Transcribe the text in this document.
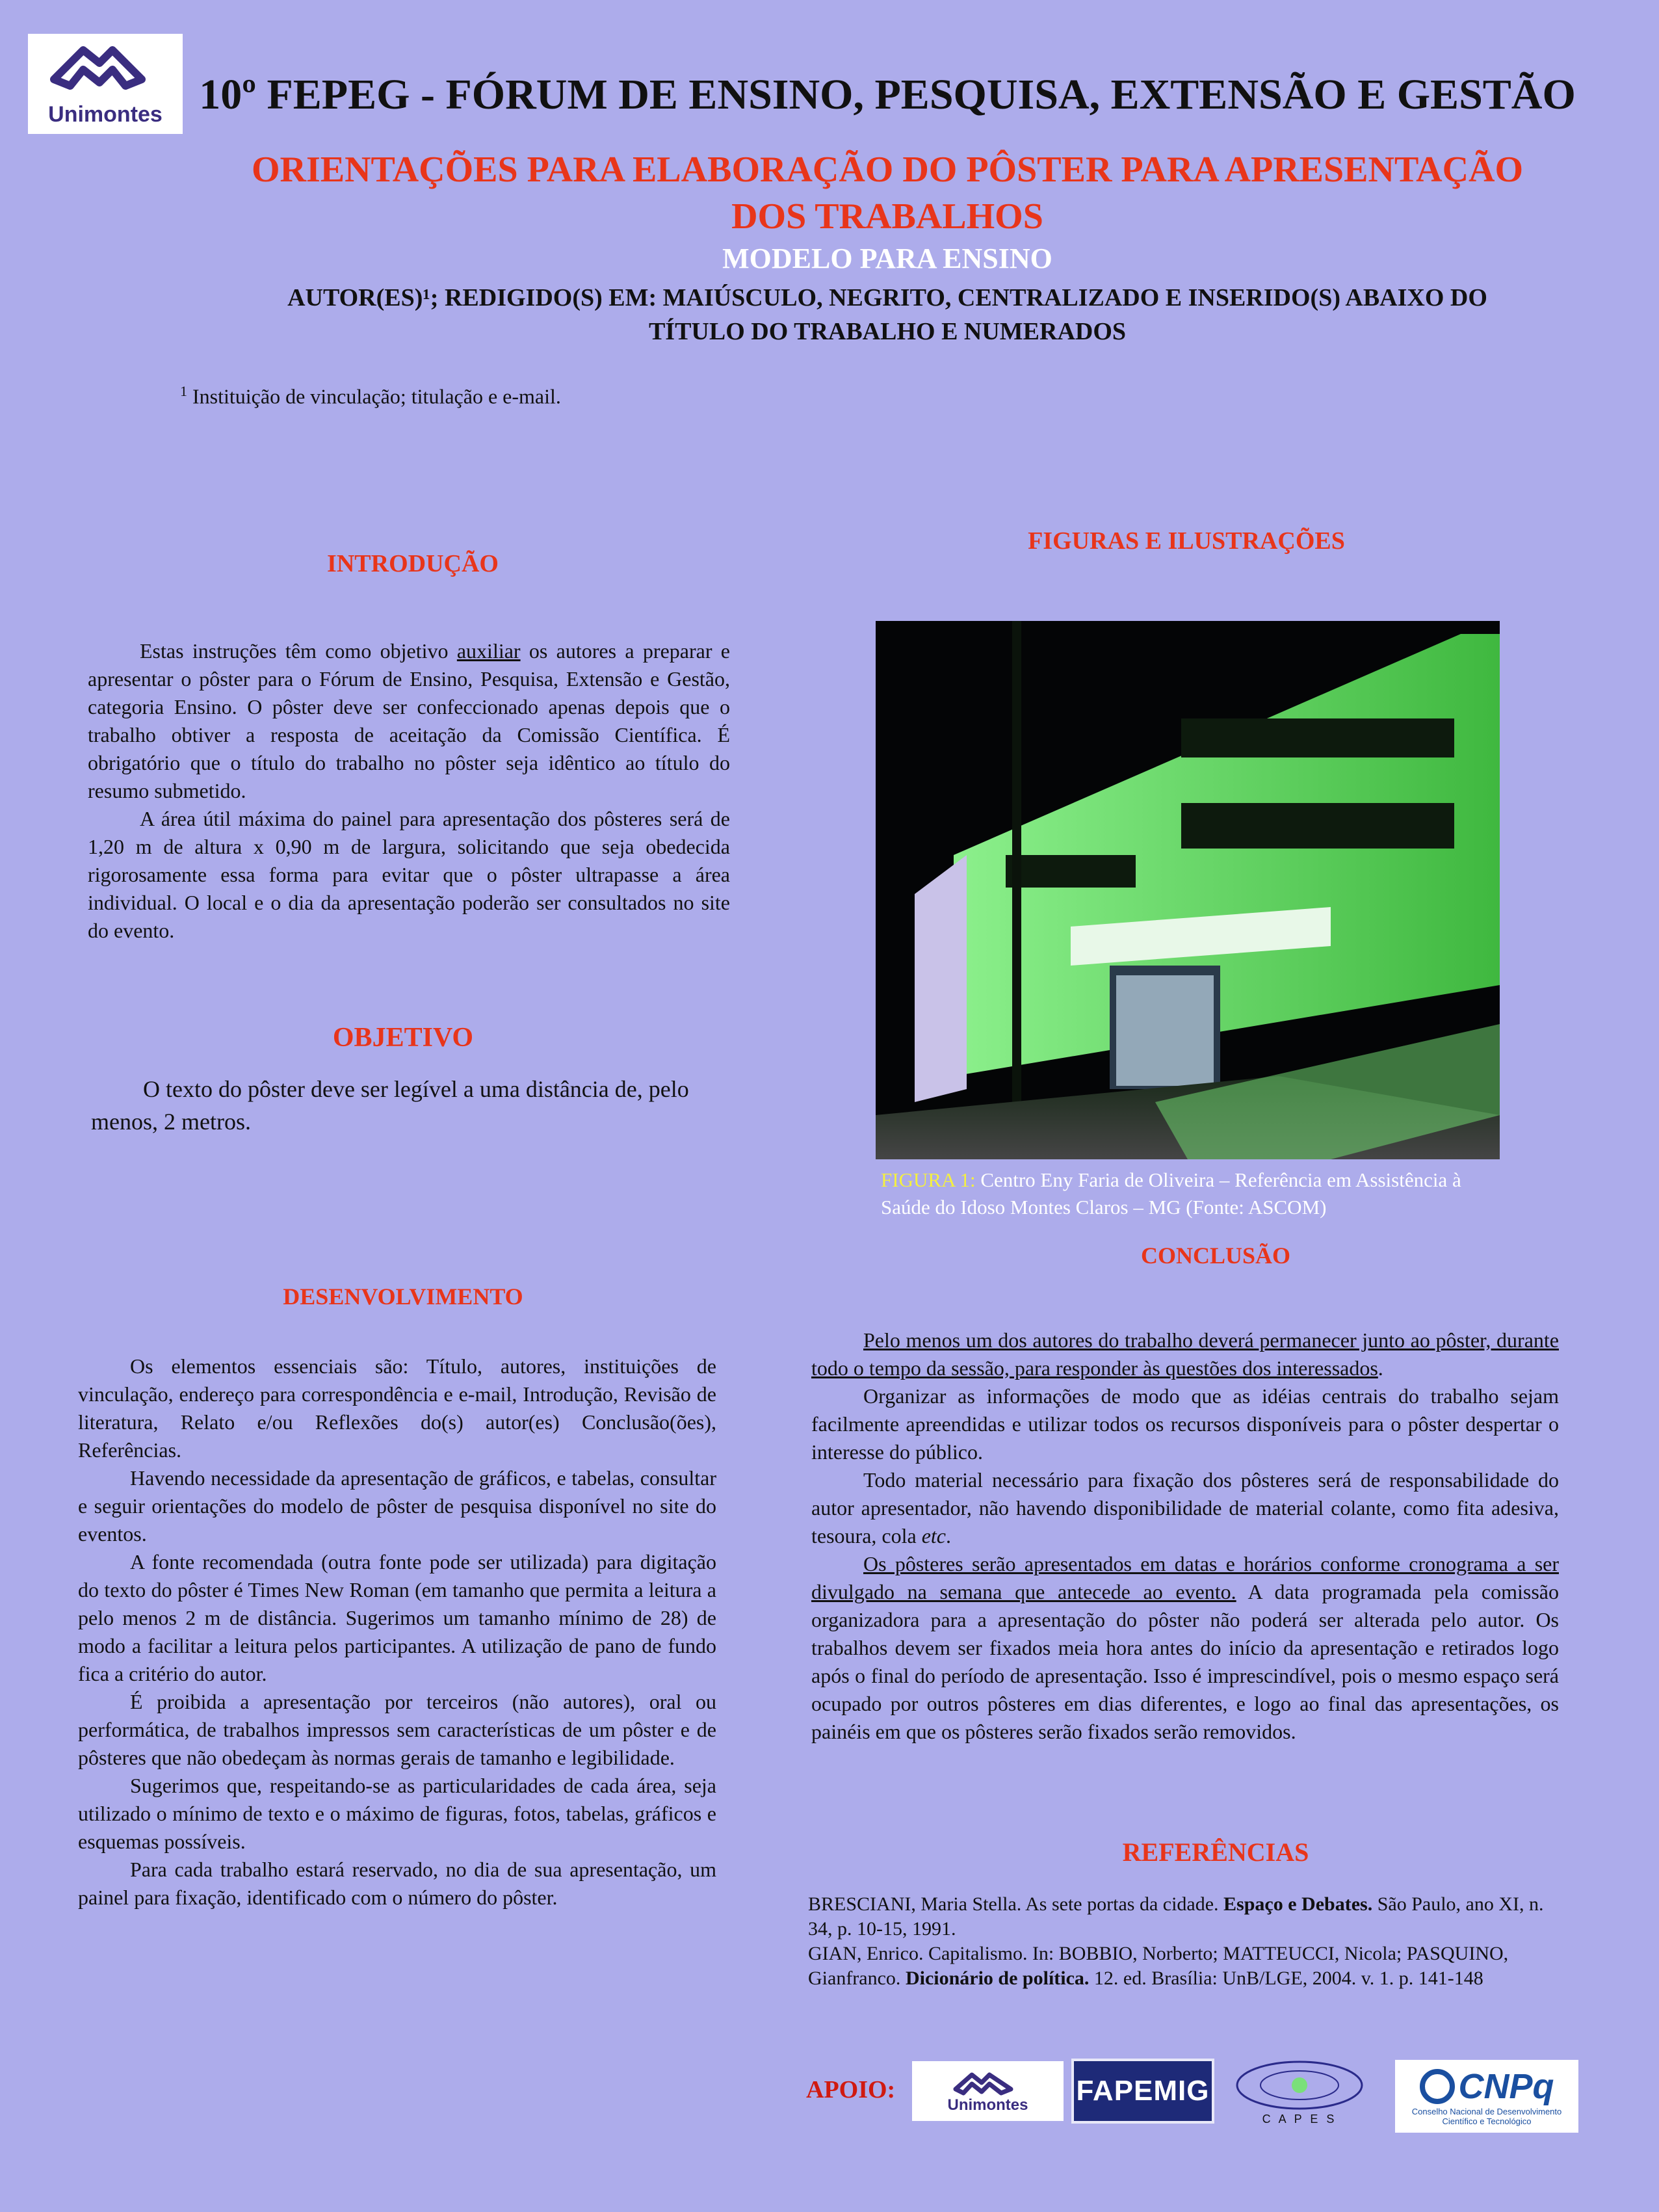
Unimontes 10º FEPEG - FÓRUM DE ENSINO, PESQUISA, EXTENSÃO E GESTÃO
ORIENTAÇÕES PARA ELABORAÇÃO DO PÔSTER PARA APRESENTAÇÃO
DOS TRABALHOS
MODELO PARA ENSINO
AUTOR(ES)¹; REDIGIDO(S) EM: MAIÚSCULO, NEGRITO, CENTRALIZADO E INSERIDO(S) ABAIXO DO
TÍTULO DO TRABALHO E NUMERADOS
$^1$ Instituição de vinculação; titulação e e-mail.
INTRODUÇÃO

Estas instruções têm como objetivo auxiliar os autores a preparar e apresentar o pôster para o Fórum de Ensino, Pesquisa, Extensão e Gestão, categoria Ensino. O pôster deve ser confeccionado apenas depois que o trabalho obtiver a resposta de aceitação da Comissão Científica. É obrigatório que o título do trabalho no pôster seja idêntico ao título do resumo submetido.

A área útil máxima do painel para apresentação dos pôsteres será de 1,20 m de altura x 0,90 m de largura, solicitando que seja obedecida rigorosamente essa forma para evitar que o pôster ultrapasse a área individual. O local e o dia da apresentação poderão ser consultados no site do evento.

OBJETIVO

O texto do pôster deve ser legível a uma distância de, pelo menos, 2 metros.

DESENVOLVIMENTO

Os elementos essenciais são: Título, autores, instituições de vinculação, endereço para correspondência e e-mail, Introdução, Revisão de literatura, Relato e/ou Reflexões do(s) autor(es) Conclusão(ões), Referências.

Havendo necessidade da apresentação de gráficos, e tabelas, consultar e seguir orientações do modelo de pôster de pesquisa disponível no site do eventos.

A fonte recomendada (outra fonte pode ser utilizada) para digitação do texto do pôster é Times New Roman (em tamanho que permita a leitura a pelo menos 2 m de distância. Sugerimos um tamanho mínimo de 28) de modo a facilitar a leitura pelos participantes. A utilização de pano de fundo fica a critério do autor.

É proibida a apresentação por terceiros (não autores), oral ou performática, de trabalhos impressos sem características de um pôster e de pôsteres que não obedeçam às normas gerais de tamanho e legibilidade.

Sugerimos que, respeitando-se as particularidades de cada área, seja utilizado o mínimo de texto e o máximo de figuras, fotos, tabelas, gráficos e esquemas possíveis.

Para cada trabalho estará reservado, no dia de sua apresentação, um painel para fixação, identificado com o número do pôster.

FIGURAS E ILUSTRAÇÕES
FIGURA 1: Centro Eny Faria de Oliveira – Referência em Assistência à Saúde do Idoso Montes Claros – MG (Fonte: ASCOM)
CONCLUSÃO

Pelo menos um dos autores do trabalho deverá permanecer junto ao pôster, durante todo o tempo da sessão, para responder às questões dos interessados.

Organizar as informações de modo que as idéias centrais do trabalho sejam facilmente apreendidas e utilizar todos os recursos disponíveis para o pôster despertar o interesse do público.

Todo material necessário para fixação dos pôsteres será de responsabilidade do autor apresentador, não havendo disponibilidade de material colante, como fita adesiva, tesoura, cola etc.

Os pôsteres serão apresentados em datas e horários conforme cronograma a ser divulgado na semana que antecede ao evento. A data programada pela comissão organizadora para a apresentação do pôster não poderá ser alterada pelo autor. Os trabalhos devem ser fixados meia hora antes do início da apresentação e retirados logo após o final do período de apresentação. Isso é imprescindível, pois o mesmo espaço será ocupado por outros pôsteres em dias diferentes, e logo ao final das apresentações, os painéis em que os pôsteres serão fixados serão removidos.

REFERÊNCIAS

BRESCIANI, Maria Stella. As sete portas da cidade. Espaço e Debates. São Paulo, ano XI, n. 34, p. 10-15, 1991.

GIAN, Enrico. Capitalismo. In: BOBBIO, Norberto; MATTEUCCI, Nicola; PASQUINO, Gianfranco. Dicionário de política. 12. ed. Brasília: UnB/LGE, 2004. v. 1. p. 141-148

APOIO:
Unimontes FAPEMIG
C A P E S
CNPq
Conselho Nacional de Desenvolvimento Científico e Tecnológico
